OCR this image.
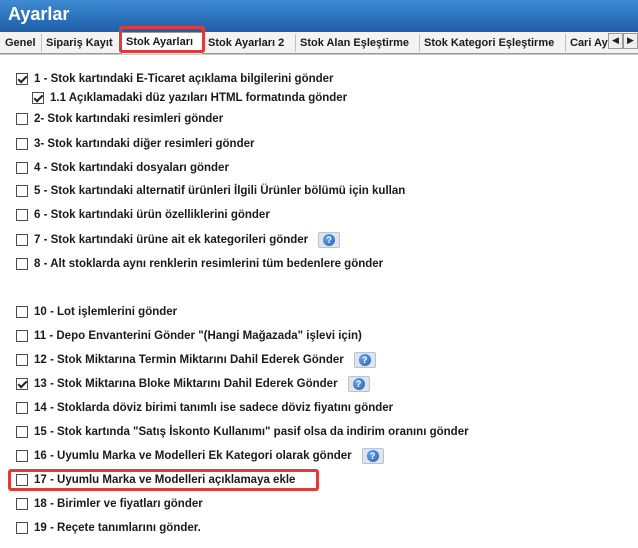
Ayarlar
Genel Sipariş Kayıt	Stok Ayarları	Stok Ayarları 2	Stok Alan Eşleştirme	Stok Kategori Eşleştirme	Cari Ay ◀ ▶
1 - Stok kartındaki E-Ticaret açıklama bilgilerini gönder
1.1 Açıklamadaki düz yazıları HTML formatında gönder
2- Stok kartındaki resimleri gönder
3- Stok kartındaki diğer resimleri gönder
4 - Stok kartındaki dosyaları gönder
5 - Stok kartındaki alternatif ürünleri İlgili Ürünler bölümü için kullan
6 - Stok kartındaki ürün özelliklerini gönder
7 - Stok kartındaki ürüne ait ek kategorileri gönder	?
8 - Alt stoklarda aynı renklerin resimlerini tüm bedenlere gönder
10 - Lot işlemlerini gönder
11 - Depo Envanterini Gönder "(Hangi Mağazada" işlevi için)
12 - Stok Miktarına Termin Miktarını Dahil Ederek Gönder	?
13 - Stok Miktarına Bloke Miktarını Dahil Ederek Gönder	?
14 - Stoklarda döviz birimi tanımlı ise sadece döviz fiyatını gönder
15 - Stok kartında "Satış İskonto Kullanımı" pasif olsa da indirim oranını gönder
16 - Uyumlu Marka ve Modelleri Ek Kategori olarak gönder	?
17 - Uyumlu Marka ve Modelleri açıklamaya ekle
18 - Birimler ve fiyatları gönder
19 - Reçete tanımlarını gönder.
